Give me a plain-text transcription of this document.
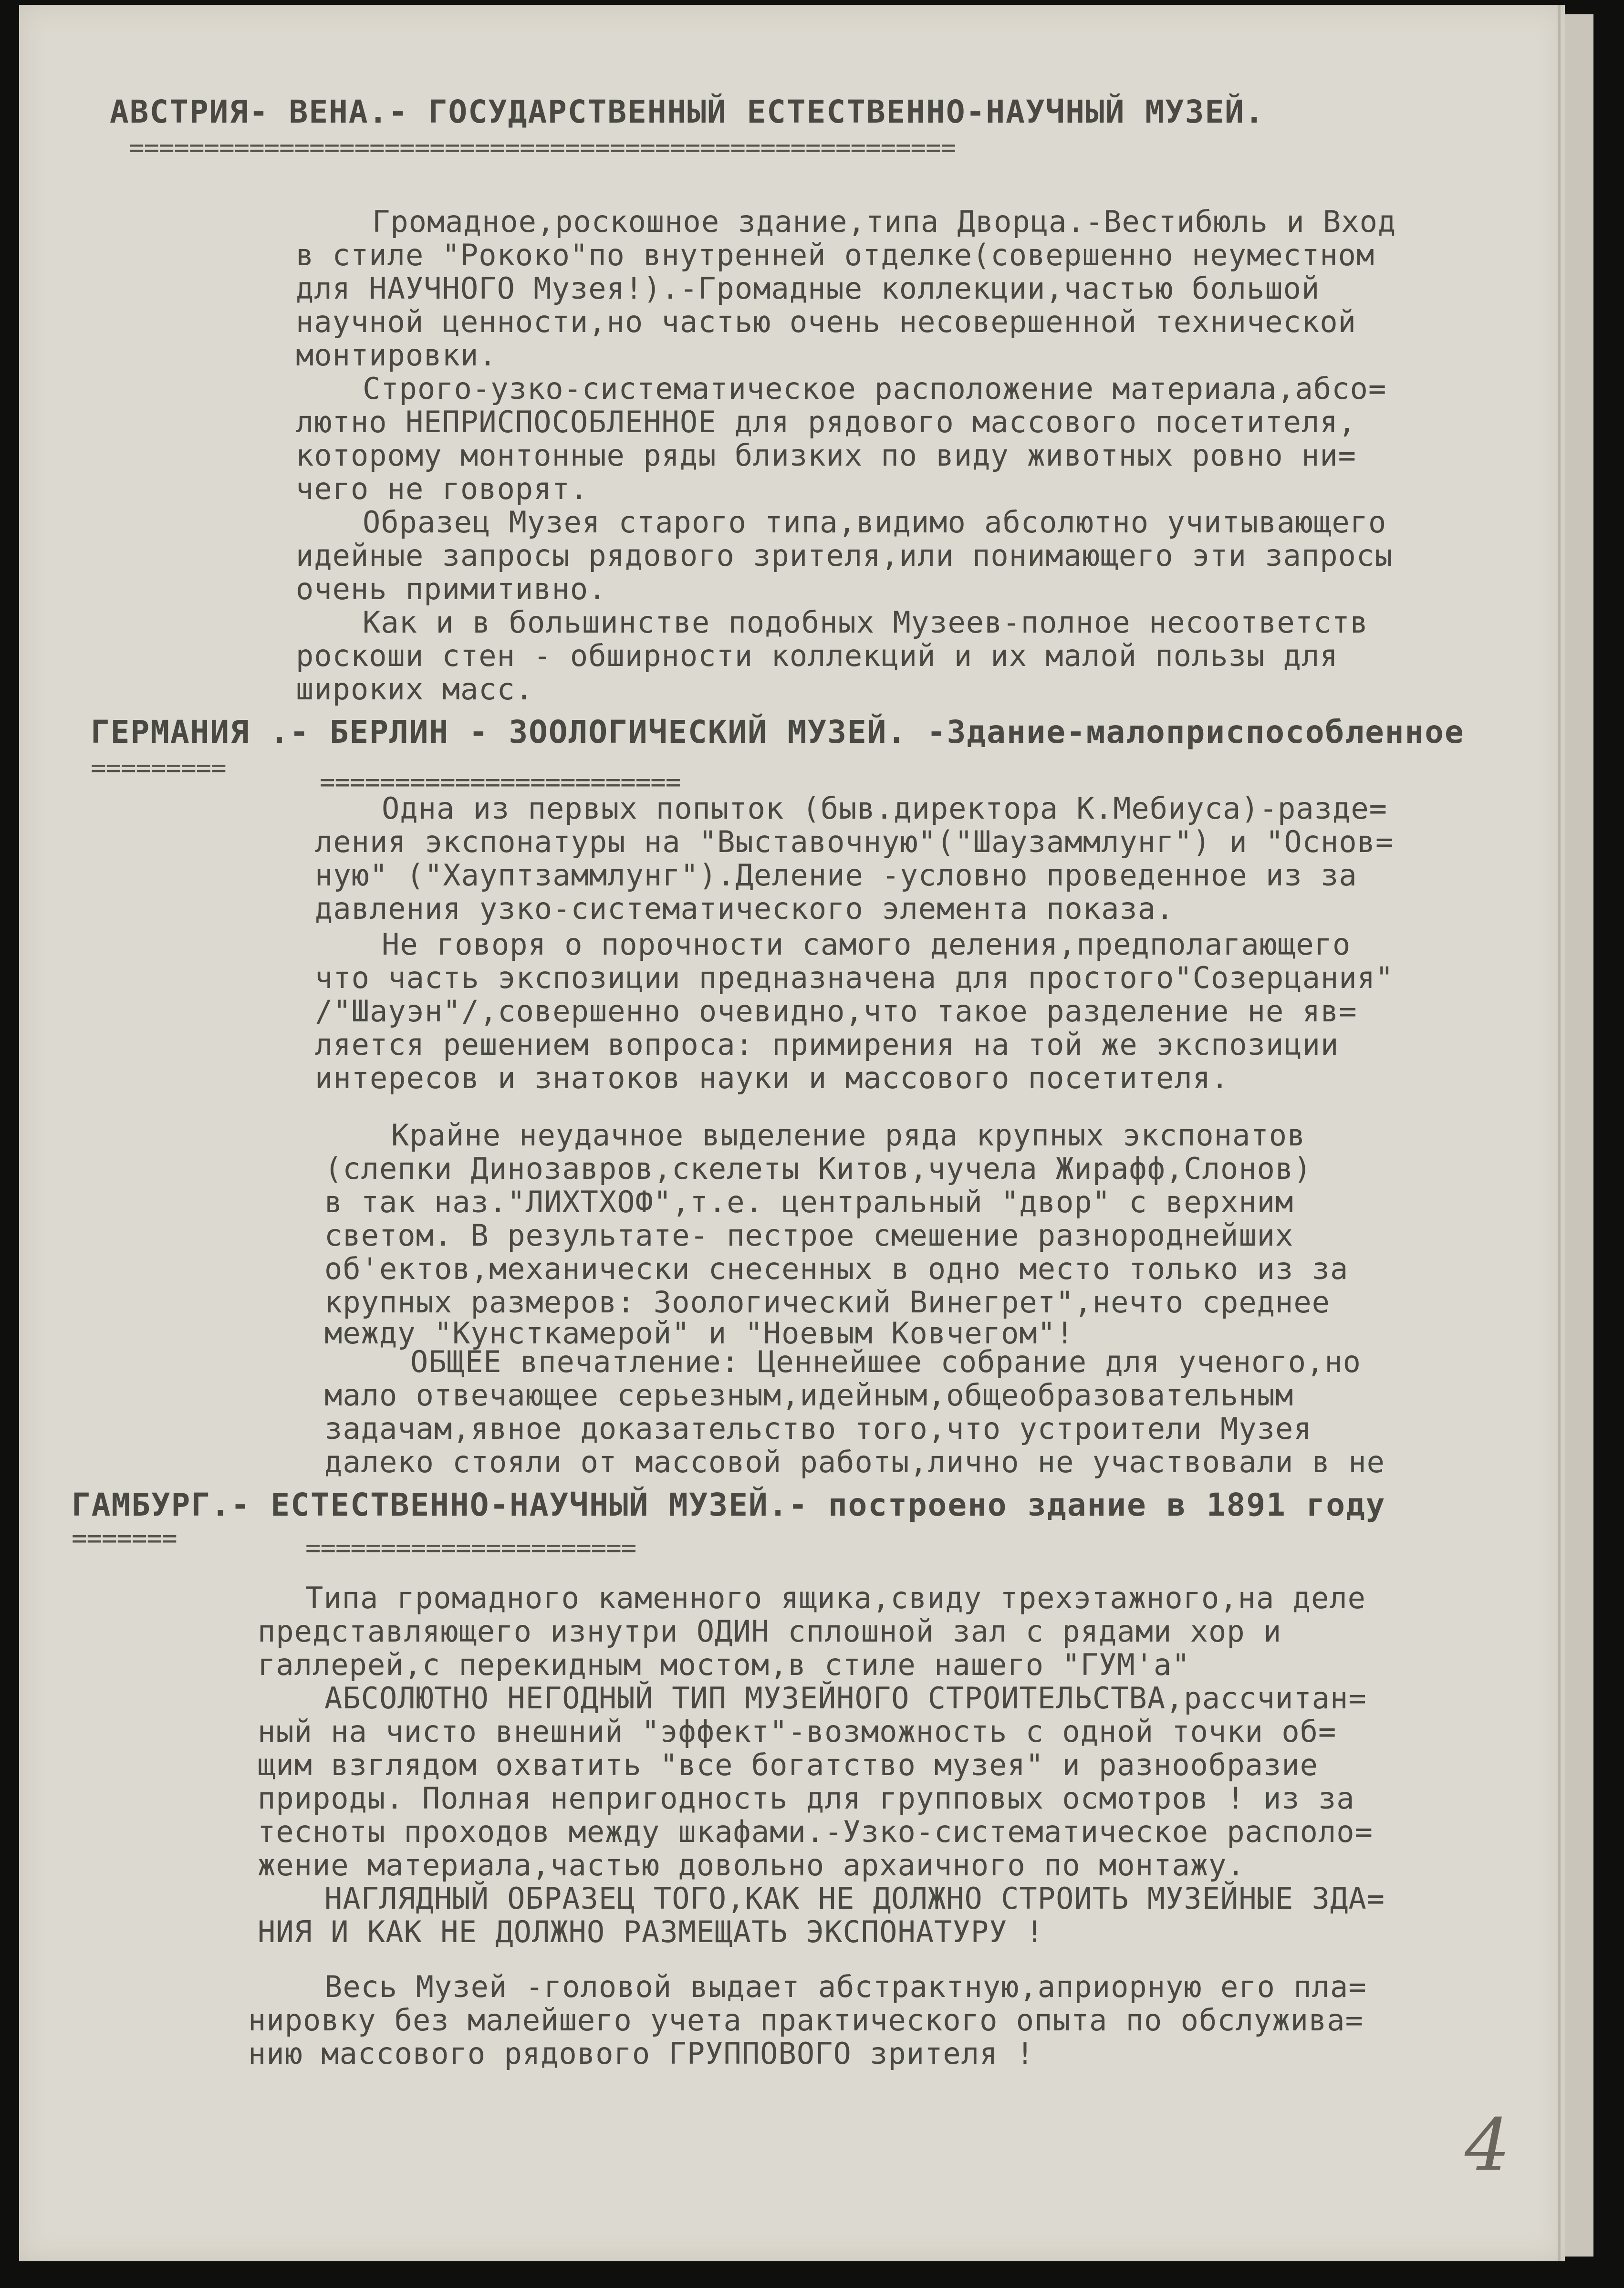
АВСТРИЯ- ВЕНА.- ГОСУДАРСТВЕННЫЙ ЕСТЕСТВЕННО-НАУЧНЫЙ МУЗЕЙ.
=======================================================
Громадное,роскошное здание,типа Дворца.-Вестибюль и Вход
в стиле "Рококо"по внутренней отделке(совершенно неуместном
для НАУЧНОГО Музея!).-Громадные коллекции,частью большой
научной ценности,но частью очень несовершенной технической
монтировки.
Строго-узко-систематическое расположение материала,абсо=
лютно НЕПРИСПОСОБЛЕННОЕ для рядового массового посетителя,
которому монтонные ряды близких по виду животных ровно ни=
чего не говорят.
Образец Музея старого типа,видимо абсолютно учитывающего
идейные запросы рядового зрителя,или понимающего эти запросы
очень примитивно.
Как и в большинстве подобных Музеев-полное несоответств
роскоши стен - обширности коллекций и их малой пользы для
широких масс.
ГЕРМАНИЯ .- БЕРЛИН - ЗООЛОГИЧЕСКИЙ МУЗЕЙ. -Здание-малоприспособленное
=========	========================
Одна из первых попыток (быв.директора К.Мебиуса)-разде=
ления экспонатуры на "Выставочную"("Шаузаммлунг") и "Основ=
ную" ("Хауптзаммлунг").Деление -условно проведенное из за
давления узко-систематического элемента показа.
Не говоря о порочности самого деления,предполагающего
что часть экспозиции предназначена для простого"Созерцания"
/"Шауэн"/,совершенно очевидно,что такое разделение не яв=
ляется решением вопроса: примирения на той же экспозиции
интересов и знатоков науки и массового посетителя.
Крайне неудачное выделение ряда крупных экспонатов
(слепки Динозавров,скелеты Китов,чучела Жирафф,Слонов)
в так наз."ЛИХТХОФ",т.е. центральный "двор" с верхним
светом. В результате- пестрое смешение разнороднейших
об'ектов,механически снесенных в одно место только из за
крупных размеров: Зоологический Винегрет",нечто среднее
между "Кунсткамерой" и "Ноевым Ковчегом"!
ОБЩЕЕ впечатление: Ценнейшее собрание для ученого,но
мало отвечающее серьезным,идейным,общеобразовательным
задачам,явное доказательство того,что устроители Музея
далеко стояли от массовой работы,лично не участвовали в не
ГАМБУРГ.- ЕСТЕСТВЕННО-НАУЧНЫЙ МУЗЕЙ.- построено здание в 1891 году
=======	======================
Типа громадного каменного ящика,свиду трехэтажного,на деле
представляющего изнутри ОДИН сплошной зал с рядами хор и
галлерей,с перекидным мостом,в стиле нашего "ГУМ'а"
АБСОЛЮТНО НЕГОДНЫЙ ТИП МУЗЕЙНОГО СТРОИТЕЛЬСТВА,рассчитан=
ный на чисто внешний "эффект"-возможность с одной точки об=
щим взглядом охватить "все богатство музея" и разнообразие
природы. Полная непригодность для групповых осмотров ! из за
тесноты проходов между шкафами.-Узко-систематическое располо=
жение материала,частью довольно архаичного по монтажу.
НАГЛЯДНЫЙ ОБРАЗЕЦ ТОГО,КАК НЕ ДОЛЖНО СТРОИТЬ МУЗЕЙНЫЕ ЗДА=
НИЯ И КАК НЕ ДОЛЖНО РАЗМЕЩАТЬ ЭКСПОНАТУРУ !
Весь Музей -головой выдает абстрактную,априорную его пла=
нировку без малейшего учета практического опыта по обслужива=
нию массового рядового ГРУППОВОГО зрителя !
4
